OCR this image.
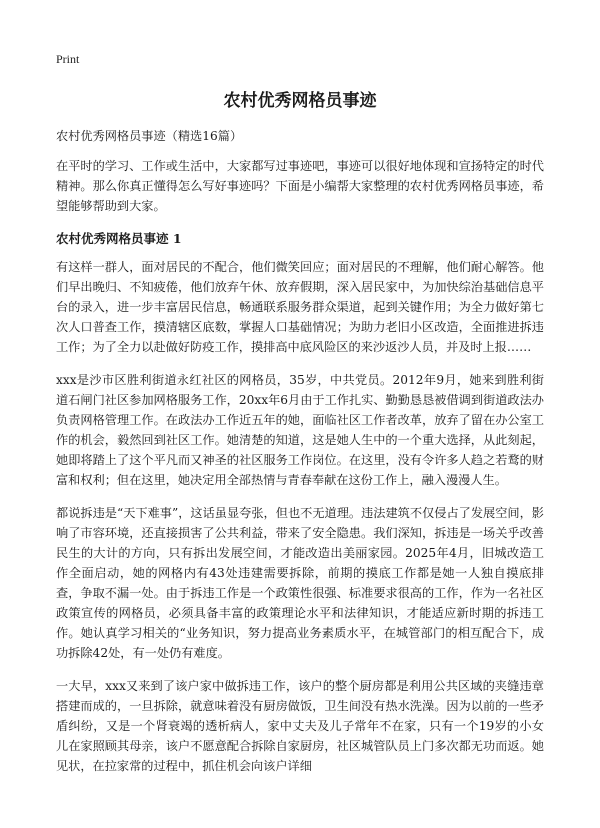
Print
农村优秀网格员事迹

农村优秀网格员事迹（精选16篇）

在平时的学习、工作或生活中，大家都写过事迹吧，事迹可以很好地体现和宣扬特定的时代精神。那么你真正懂得怎么写好事迹吗？下面是小编帮大家整理的农村优秀网格员事迹，希望能够帮助到大家。

农村优秀网格员事迹 1

有这样一群人，面对居民的不配合，他们微笑回应；面对居民的不理解，他们耐心解答。他们早出晚归、不知疲倦，他们放弃午休、放弃假期，深入居民家中，为加快综治基础信息平台的录入，进一步丰富居民信息，畅通联系服务群众渠道，起到关键作用；为全力做好第七次人口普查工作，摸清辖区底数，掌握人口基础情况；为助力老旧小区改造，全面推进拆违工作；为了全力以赴做好防疫工作，摸排高中底风险区的来沙返沙人员，并及时上报……

xxx是沙市区胜利街道永红社区的网格员，35岁，中共党员。2012年9月，她来到胜利街道石闸门社区参加网格服务工作，20xx年6月由于工作扎实、勤勤恳恳被借调到街道政法办负责网格管理工作。在政法办工作近五年的她，面临社区工作者改革，放弃了留在办公室工作的机会，毅然回到社区工作。她清楚的知道，这是她人生中的一个重大选择，从此刻起，她即将踏上了这个平凡而又神圣的社区服务工作岗位。在这里，没有令许多人趋之若鹜的财富和权利；但在这里，她决定用全部热情与青春奉献在这份工作上，融入漫漫人生。

都说拆违是“天下难事”，这话虽显夸张，但也不无道理。违法建筑不仅侵占了发展空间，影响了市容环境，还直接损害了公共利益，带来了安全隐患。我们深知，拆违是一场关乎改善民生的大计的方向，只有拆出发展空间，才能改造出美丽家园。2025年4月，旧城改造工作全面启动，她的网格内有43处违建需要拆除，前期的摸底工作都是她一人独自摸底排查，争取不漏一处。由于拆违工作是一个政策性很强、标准要求很高的工作，作为一名社区政策宣传的网格员，必须具备丰富的政策理论水平和法律知识，才能适应新时期的拆违工作。她认真学习相关的“业务知识，努力提高业务素质水平，在城管部门的相互配合下，成功拆除42处，有一处仍有难度。

一大早，xxx又来到了该户家中做拆违工作，该户的整个厨房都是利用公共区域的夹缝违章搭建而成的，一旦拆除，就意味着没有厨房做饭，卫生间没有热水洗澡。因为以前的一些矛盾纠纷，又是一个肾衰竭的透析病人，家中丈夫及儿子常年不在家，只有一个19岁的小女儿在家照顾其母亲，该户不愿意配合拆除自家厨房，社区城管队员上门多次都无功而返。她见状，在拉家常的过程中，抓住机会向该户详细
